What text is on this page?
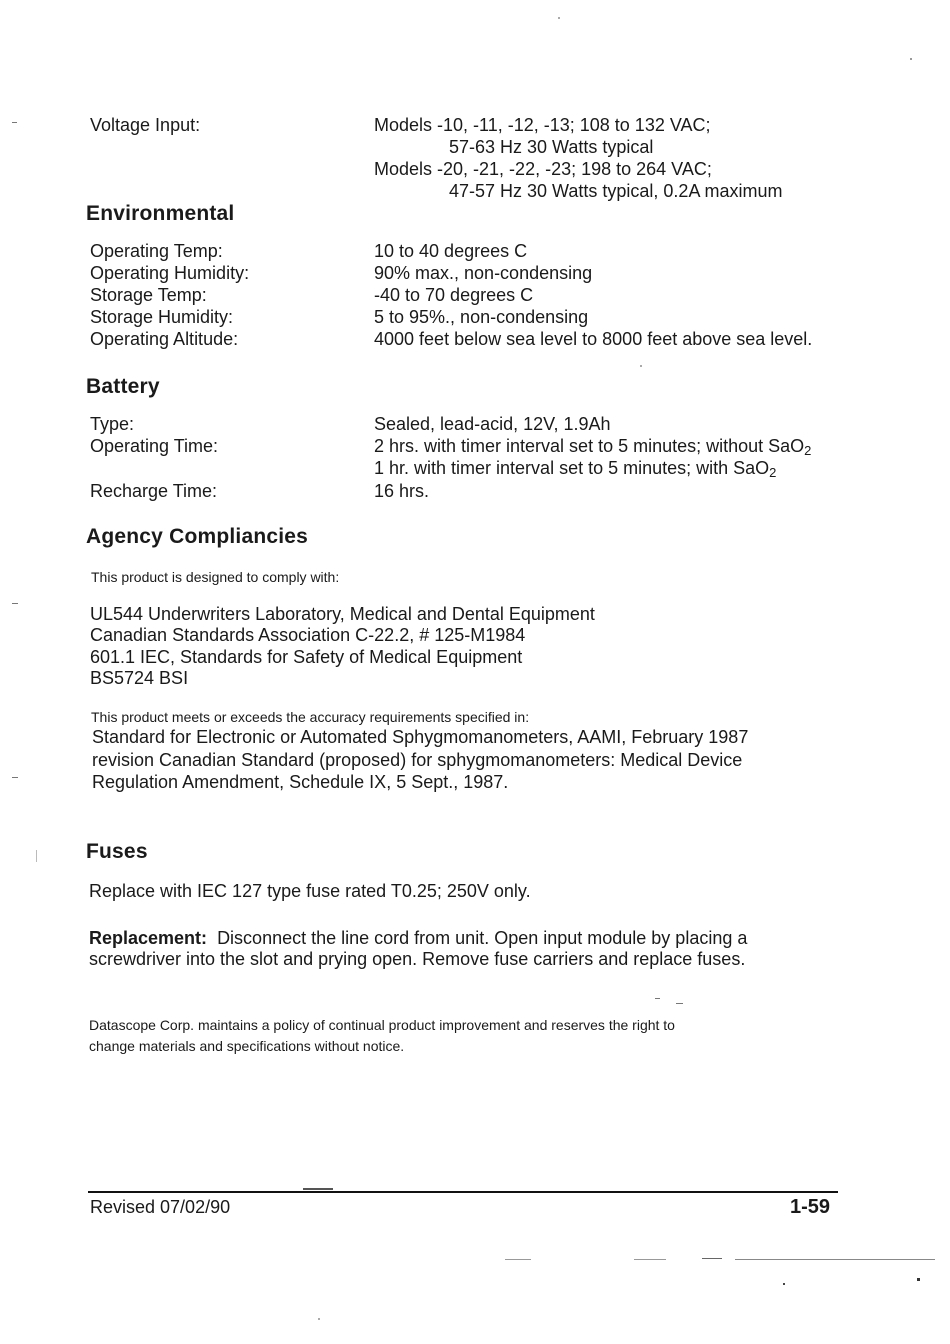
Voltage Input:	Models -10, -11, -12, -13; 108 to 132 VAC;
57-63 Hz 30 Watts typical
Models -20, -21, -22, -23; 198 to 264 VAC;
47-57 Hz 30 Watts typical, 0.2A maximum
Environmental
Operating Temp:	10 to 40 degrees C
Operating Humidity:	90% max., non-condensing
Storage Temp:	-40 to 70 degrees C
Storage Humidity:	5 to 95%., non-condensing
Operating Altitude:	4000 feet below sea level to 8000 feet above sea level.
Battery
Type:	Sealed, lead-acid, 12V, 1.9Ah
Operating Time:	2 hrs. with timer interval set to 5 minutes; without SaO$_2$
1 hr. with timer interval set to 5 minutes; with SaO$_2$
Recharge Time:	16 hrs.
Agency Compliancies
This product is designed to comply with:
UL544 Underwriters Laboratory, Medical and Dental Equipment
Canadian Standards Association C-22.2, # 125-M1984
601.1 IEC, Standards for Safety of Medical Equipment
BS5724 BSI
This product meets or exceeds the accuracy requirements specified in:
Standard for Electronic or Automated Sphygmomanometers, AAMI, February 1987
revision Canadian Standard (proposed) for sphygmomanometers: Medical Device
Regulation Amendment, Schedule IX, 5 Sept., 1987.
Fuses
Replace with IEC 127 type fuse rated T0.25; 250V only.
Replacement: Disconnect the line cord from unit. Open input module by placing a
screwdriver into the slot and prying open. Remove fuse carriers and replace fuses.
Datascope Corp. maintains a policy of continual product improvement and reserves the right to
change materials and specifications without notice.
Revised 07/02/90	1-59
